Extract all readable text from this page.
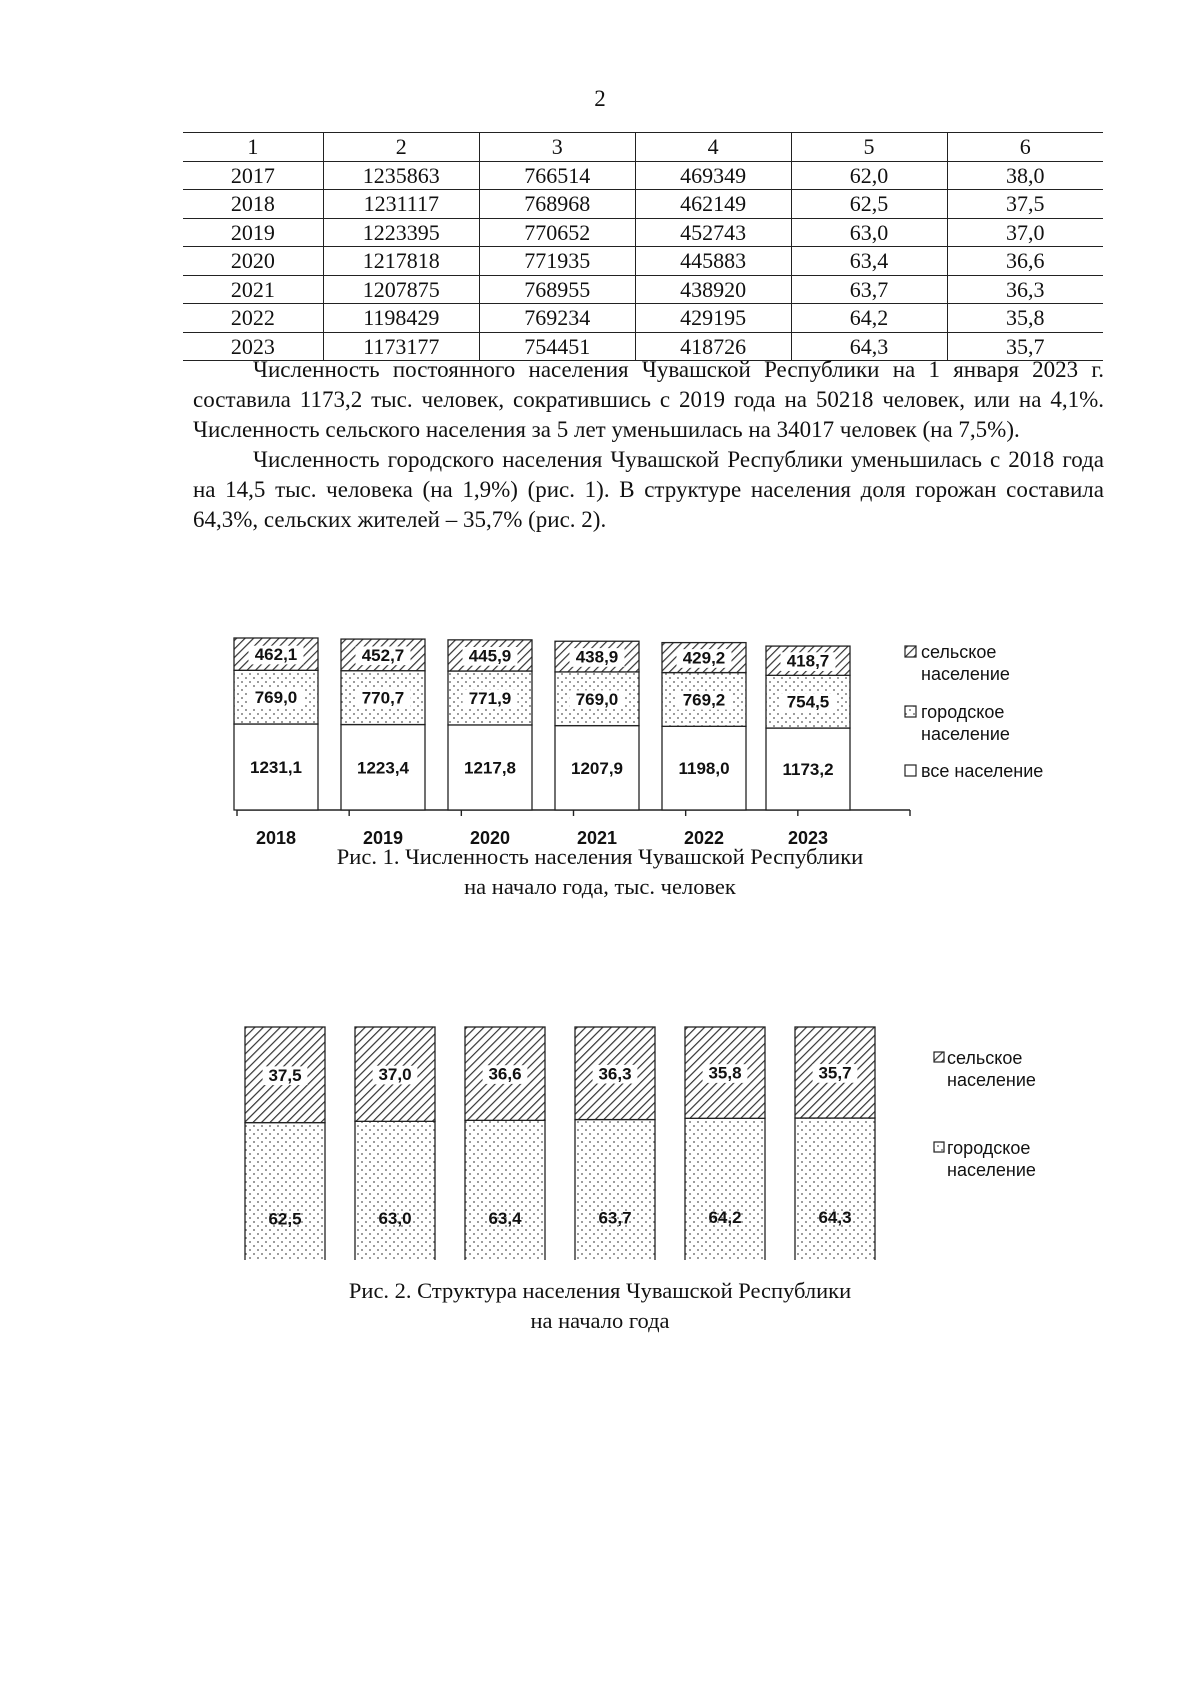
2
1	2	3	4	5	6
2017	1235863	766514	469349	62,0	38,0
2018	1231117	768968	462149	62,5	37,5
2019	1223395	770652	452743	63,0	37,0
2020	1217818	771935	445883	63,4	36,6
2021	1207875	768955	438920	63,7	36,3
2022	1198429	769234	429195	64,2	35,8
2023	1173177	754451	418726	64,3	35,7

Численность постоянного населения Чувашской Республики на 1 января 2023 г. составила 1173,2 тыс. человек, сократившись с 2019 года на 50218 человек, или на 4,1%. Численность сельского населения за 5 лет уменьшилась на 34017 человек (на 7,5%).

Численность городского населения Чувашской Республики уменьшилась с 2018 года на 14,5 тыс. человека (на 1,9%) (рис. 1). В структуре населения доля горожан составила 64,3%, сельских жителей – 35,7% (рис. 2).

1231,1
769,0
462,1
2018
1223,4
770,7
452,7
2019
1217,8
771,9
445,9
2020
1207,9
769,0
438,9
2021
1198,0
769,2
429,2
2022
1173,2
754,5
418,7
2023
сельское
население
городское
население
все население
Рис. 1. Численность населения Чувашской Республики
на начало года, тыс. человек
62,5
37,5
63,0
37,0
63,4
36,6
63,7
36,3
64,2
35,8
64,3
35,7
сельское
население
городское
население
Рис. 2. Структура населения Чувашской Республики
на начало года
